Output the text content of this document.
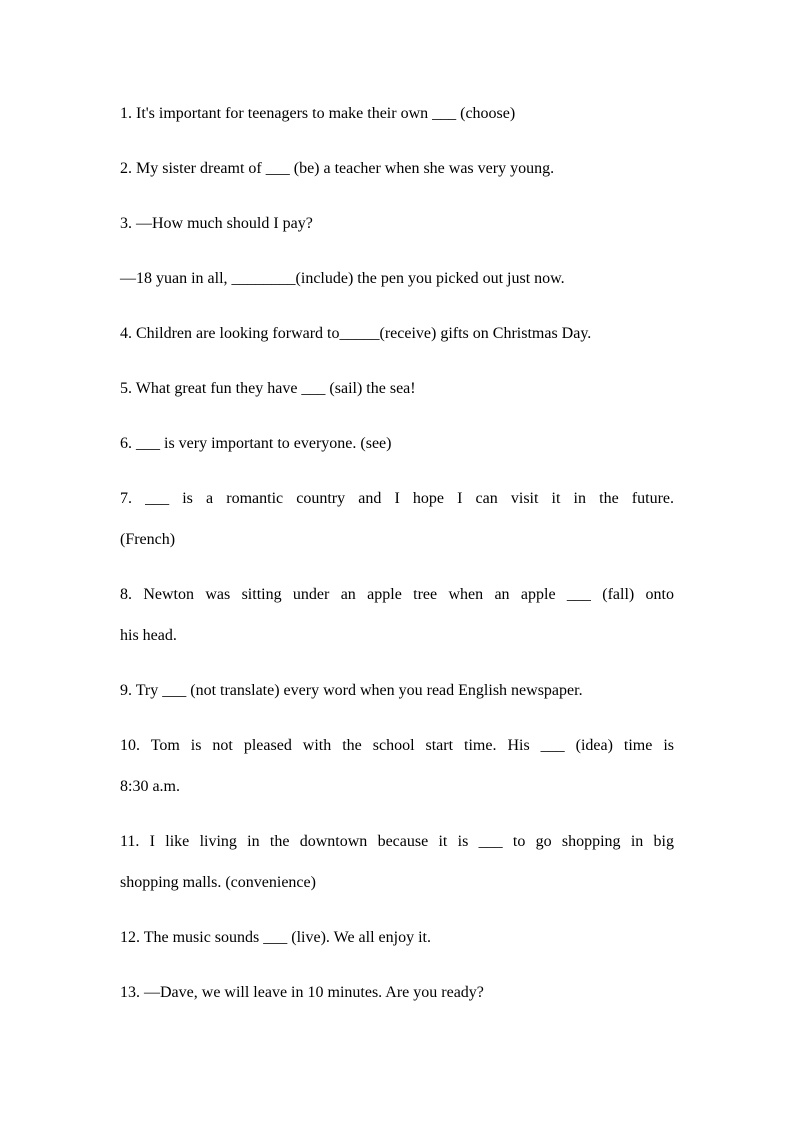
1. It's important for teenagers to make their own ___ (choose)
2. My sister dreamt of ___ (be) a teacher when she was very young.
3. —How much should I pay?
—18 yuan in all, ________(include) the pen you picked out just now.
4. Children are looking forward to_____(receive) gifts on Christmas Day.
5. What great fun they have ___ (sail) the sea!
6. ___ is very important to everyone. (see)
7. ___ is a romantic country and I hope I can visit it in the future.
(French)
8. Newton was sitting under an apple tree when an apple ___ (fall) onto
his head.
9. Try ___ (not translate) every word when you read English newspaper.
10. Tom is not pleased with the school start time. His ___ (idea) time is
8:30 a.m.
11. I like living in the downtown because it is ___ to go shopping in big
shopping malls. (convenience)
12. The music sounds ___ (live). We all enjoy it.
13. —Dave, we will leave in 10 minutes. Are you ready?
